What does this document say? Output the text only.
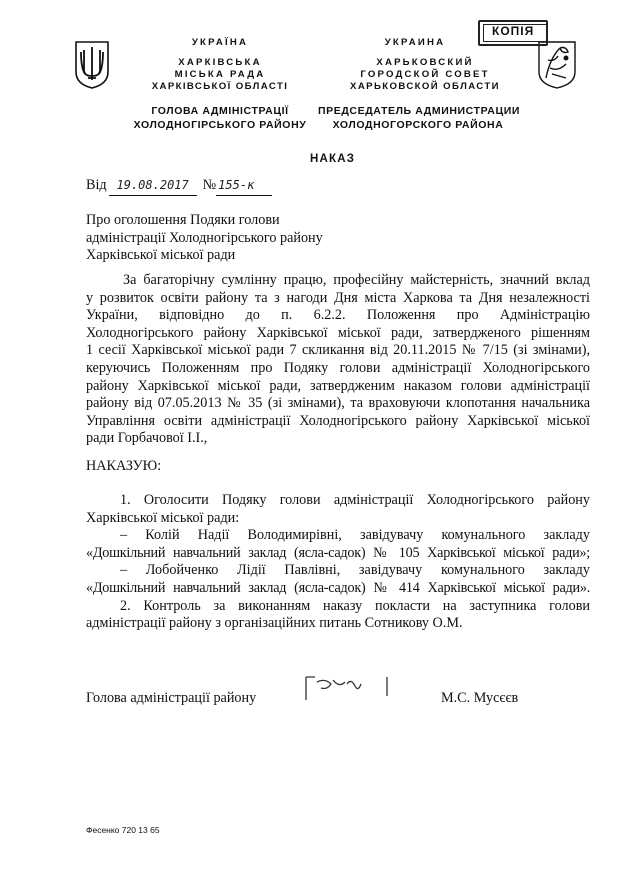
КОПІЯ
УКРАЇНА
ХАРКІВСЬКА
МІСЬКА РАДА
ХАРКІВСЬКОЇ ОБЛАСТІ
УКРАИНА
ХАРЬКОВСКИЙ
ГОРОДСКОЙ СОВЕТ
ХАРЬКОВСКОЙ ОБЛАСТИ
ГОЛОВА АДМІНІСТРАЦІЇ
ХОЛОДНОГІРСЬКОГО РАЙОНУ
ПРЕДСЕДАТЕЛЬ АДМИНИСТРАЦИИ
ХОЛОДНОГОРСКОГО РАЙОНА
НАКАЗ
Від 19.08.2017 № 155-к
Про оголошення Подяки голови
адміністрації Холодногірського району
Харківської міської ради
За багаторічну сумлінну працю, професійну майстерність, значний вклад
у розвиток освіти району та з нагоди Дня міста Харкова та Дня незалежності
України, відповідно до п. 6.2.2. Положення про Адміністрацію
Холодногірського району Харківської міської ради, затвердженого рішенням
1 сесії Харківської міської ради 7 скликання від 20.11.2015 № 7/15 (зі змінами),
керуючись Положенням про Подяку голови адміністрації Холодногірського
району Харківської міської ради, затвердженим наказом голови адміністрації
району від 07.05.2013 № 35 (зі змінами), та враховуючи клопотання начальника
Управління освіти адміністрації Холодногірського району Харківської міської
ради Горбачової І.І.,
НАКАЗУЮ:
1. Оголосити Подяку голови адміністрації Холодногірського району
Харківської міської ради:
– Колій Надії Володимирівні, завідувачу комунального закладу
«Дошкільний навчальний заклад (ясла-садок) № 105 Харківської міської ради»;
– Лобойченко Лідії Павлівні, завідувачу комунального закладу
«Дошкільний навчальний заклад (ясла-садок) № 414 Харківської міської ради».
2. Контроль за виконанням наказу покласти на заступника голови
адміністрації району з організаційних питань Сотникову О.М.
Голова адміністрації району	М.С. Мусєєв
Фесенко 720 13 65
